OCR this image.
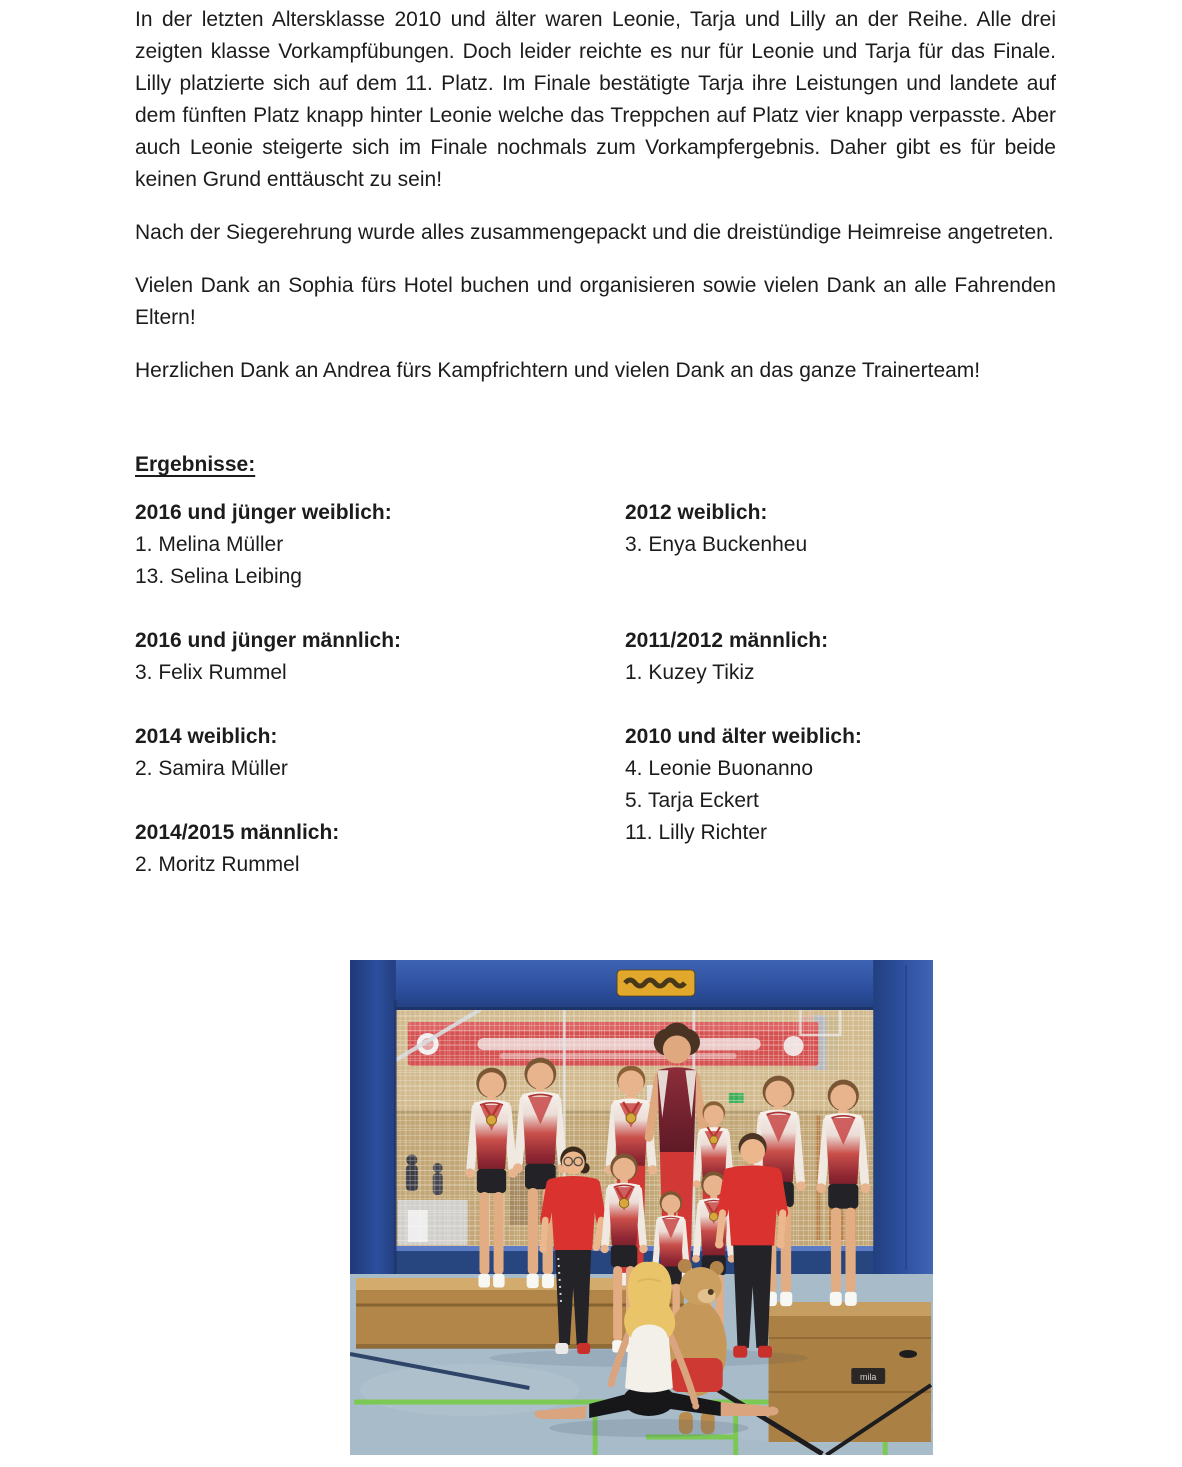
In der letzten Altersklasse 2010 und älter waren Leonie, Tarja und Lilly an der Reihe. Alle drei zeigten klasse Vorkampfübungen. Doch leider reichte es nur für Leonie und Tarja für das Finale. Lilly platzierte sich auf dem 11. Platz. Im Finale bestätigte Tarja ihre Leistungen und landete auf dem fünften Platz knapp hinter Leonie welche das Treppchen auf Platz vier knapp verpasste. Aber auch Leonie steigerte sich im Finale nochmals zum Vorkampfergebnis. Daher gibt es für beide keinen Grund enttäuscht zu sein!

Nach der Siegerehrung wurde alles zusammengepackt und die dreistündige Heimreise angetreten.

Vielen Dank an Sophia fürs Hotel buchen und organisieren sowie vielen Dank an alle Fahrenden Eltern!

Herzlichen Dank an Andrea fürs Kampfrichtern und vielen Dank an das ganze Trainerteam!

Ergebnisse:
2016 und jünger weiblich:
1. Melina Müller
13. Selina Leibing
2016 und jünger männlich:
3. Felix Rummel
2014 weiblich:
2. Samira Müller
2014/2015 männlich:
2. Moritz Rummel
2012 weiblich:
3. Enya Buckenheu
2011/2012 männlich:
1. Kuzey Tikiz
2010 und älter weiblich:
4. Leonie Buonanno
5. Tarja Eckert
11. Lilly Richter
mila
